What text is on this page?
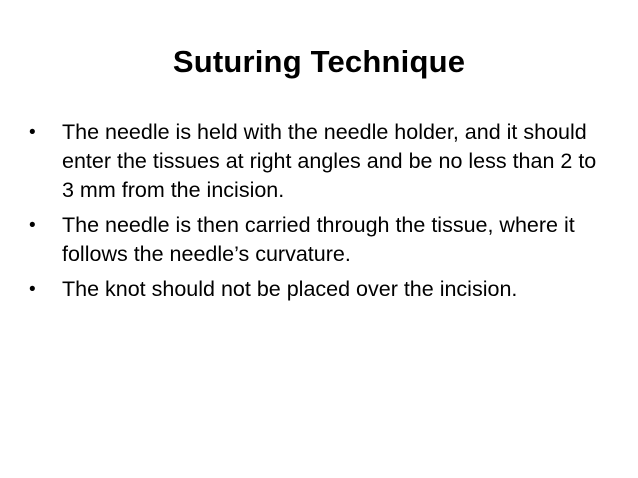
Suturing Technique
•	The needle is held with the needle holder, and it should enter the tissues at right angles and be no less than 2 to 3 mm from the incision.
•	The needle is then carried through the tissue, where it follows the needle’s curvature.
•	The knot should not be placed over the incision.
